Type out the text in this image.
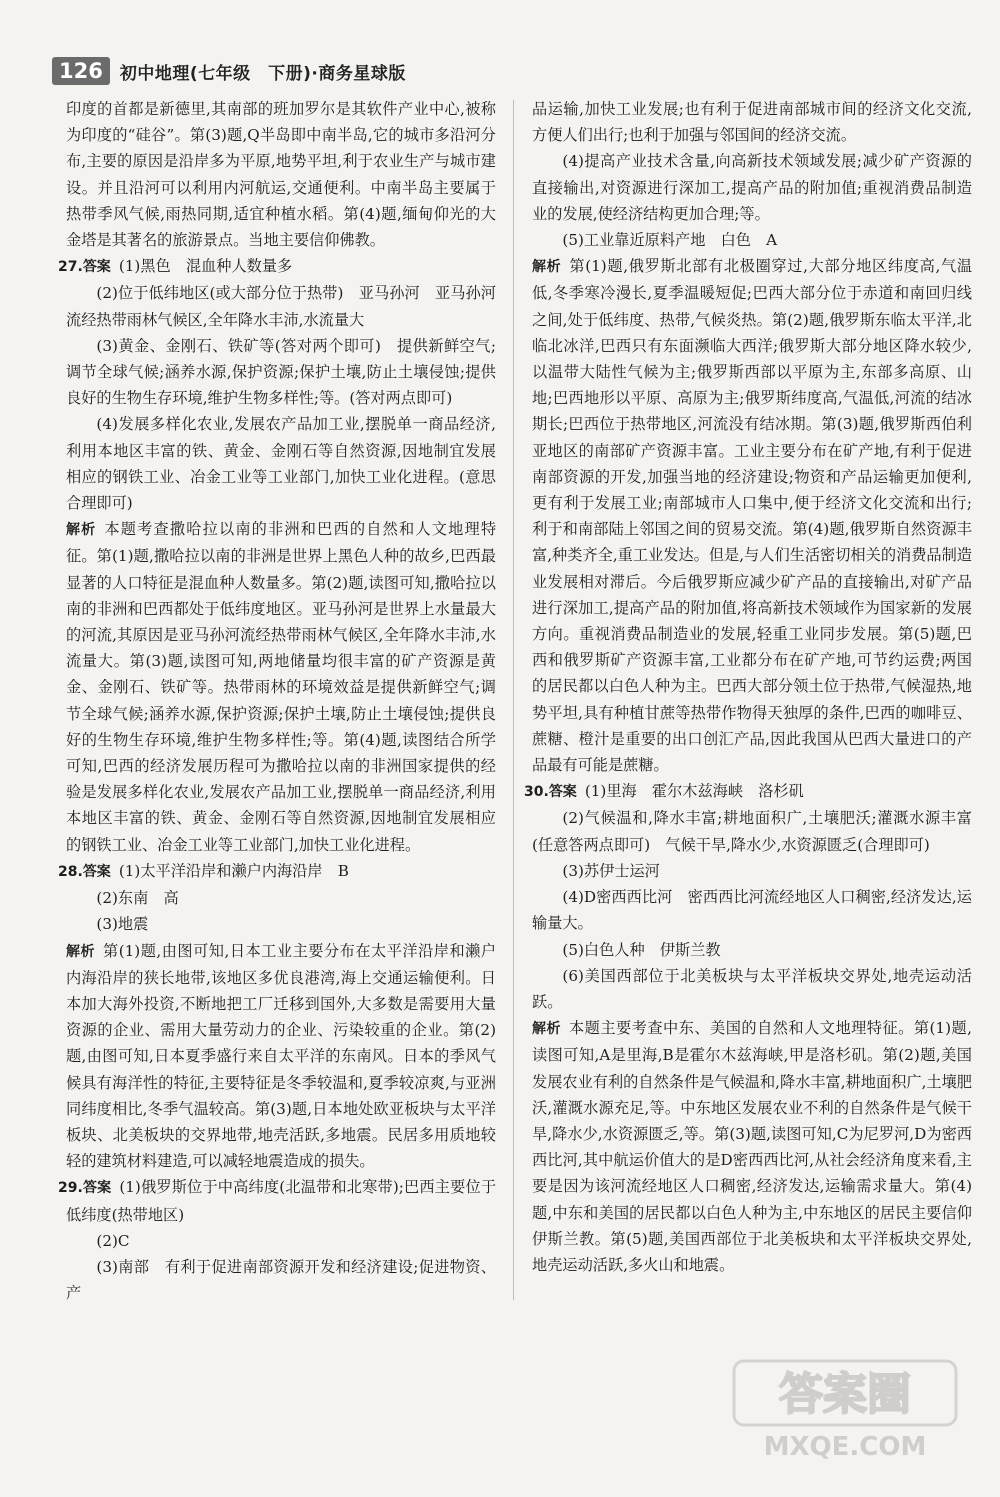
126	初中地理(七年级　下册)·商务星球版

印度的首都是新德里,其南部的班加罗尔是其软件产业中心,被称为印度的“硅谷”。第(3)题,Q半岛即中南半岛,它的城市多沿河分布,主要的原因是沿岸多为平原,地势平坦,利于农业生产与城市建设。并且沿河可以利用内河航运,交通便利。中南半岛主要属于热带季风气候,雨热同期,适宜种植水稻。第(4)题,缅甸仰光的大金塔是其著名的旅游景点。当地主要信仰佛教。

27.答案 (1)黑色　混血种人数量多

(2)位于低纬地区(或大部分位于热带)　亚马孙河　亚马孙河流经热带雨林气候区,全年降水丰沛,水流量大

(3)黄金、金刚石、铁矿等(答对两个即可)　提供新鲜空气;调节全球气候;涵养水源,保护资源;保护土壤,防止土壤侵蚀;提供良好的生物生存环境,维护生物多样性;等。(答对两点即可)

(4)发展多样化农业,发展农产品加工业,摆脱单一商品经济,利用本地区丰富的铁、黄金、金刚石等自然资源,因地制宜发展相应的钢铁工业、冶金工业等工业部门,加快工业化进程。(意思合理即可)

解析 本题考查撒哈拉以南的非洲和巴西的自然和人文地理特征。第(1)题,撒哈拉以南的非洲是世界上黑色人种的故乡,巴西最显著的人口特征是混血种人数量多。第(2)题,读图可知,撒哈拉以南的非洲和巴西都处于低纬度地区。亚马孙河是世界上水量最大的河流,其原因是亚马孙河流经热带雨林气候区,全年降水丰沛,水流量大。第(3)题,读图可知,两地储量均很丰富的矿产资源是黄金、金刚石、铁矿等。热带雨林的环境效益是提供新鲜空气;调节全球气候;涵养水源,保护资源;保护土壤,防止土壤侵蚀;提供良好的生物生存环境,维护生物多样性;等。第(4)题,读图结合所学可知,巴西的经济发展历程可为撒哈拉以南的非洲国家提供的经验是发展多样化农业,发展农产品加工业,摆脱单一商品经济,利用本地区丰富的铁、黄金、金刚石等自然资源,因地制宜发展相应的钢铁工业、冶金工业等工业部门,加快工业化进程。

28.答案 (1)太平洋沿岸和濑户内海沿岸　B

(2)东南　高

(3)地震

解析 第(1)题,由图可知,日本工业主要分布在太平洋沿岸和濑户内海沿岸的狭长地带,该地区多优良港湾,海上交通运输便利。日本加大海外投资,不断地把工厂迁移到国外,大多数是需要用大量资源的企业、需用大量劳动力的企业、污染较重的企业。第(2)题,由图可知,日本夏季盛行来自太平洋的东南风。日本的季风气候具有海洋性的特征,主要特征是冬季较温和,夏季较凉爽,与亚洲同纬度相比,冬季气温较高。第(3)题,日本地处欧亚板块与太平洋板块、北美板块的交界地带,地壳活跃,多地震。民居多用质地较轻的建筑材料建造,可以减轻地震造成的损失。

29.答案 (1)俄罗斯位于中高纬度(北温带和北寒带);巴西主要位于低纬度(热带地区)

(2)C

(3)南部　有利于促进南部资源开发和经济建设;促进物资、产

品运输,加快工业发展;也有利于促进南部城市间的经济文化交流,方便人们出行;也利于加强与邻国间的经济交流。

(4)提高产业技术含量,向高新技术领域发展;减少矿产资源的直接输出,对资源进行深加工,提高产品的附加值;重视消费品制造业的发展,使经济结构更加合理;等。

(5)工业靠近原料产地　白色　A

解析 第(1)题,俄罗斯北部有北极圈穿过,大部分地区纬度高,气温低,冬季寒冷漫长,夏季温暖短促;巴西大部分位于赤道和南回归线之间,处于低纬度、热带,气候炎热。第(2)题,俄罗斯东临太平洋,北临北冰洋,巴西只有东面濒临大西洋;俄罗斯大部分地区降水较少,以温带大陆性气候为主;俄罗斯西部以平原为主,东部多高原、山地;巴西地形以平原、高原为主;俄罗斯纬度高,气温低,河流的结冰期长;巴西位于热带地区,河流没有结冰期。第(3)题,俄罗斯西伯利亚地区的南部矿产资源丰富。工业主要分布在矿产地,有利于促进南部资源的开发,加强当地的经济建设;物资和产品运输更加便利,更有利于发展工业;南部城市人口集中,便于经济文化交流和出行;利于和南部陆上邻国之间的贸易交流。第(4)题,俄罗斯自然资源丰富,种类齐全,重工业发达。但是,与人们生活密切相关的消费品制造业发展相对滞后。今后俄罗斯应减少矿产品的直接输出,对矿产品进行深加工,提高产品的附加值,将高新技术领域作为国家新的发展方向。重视消费品制造业的发展,轻重工业同步发展。第(5)题,巴西和俄罗斯矿产资源丰富,工业都分布在矿产地,可节约运费;两国的居民都以白色人种为主。巴西大部分领土位于热带,气候湿热,地势平坦,具有种植甘蔗等热带作物得天独厚的条件,巴西的咖啡豆、蔗糖、橙汁是重要的出口创汇产品,因此我国从巴西大量进口的产品最有可能是蔗糖。

30.答案 (1)里海　霍尔木兹海峡　洛杉矶

(2)气候温和,降水丰富;耕地面积广,土壤肥沃;灌溉水源丰富(任意答两点即可)　气候干旱,降水少,水资源匮乏(合理即可)

(3)苏伊士运河

(4)D密西西比河　密西西比河流经地区人口稠密,经济发达,运输量大。

(5)白色人种　伊斯兰教

(6)美国西部位于北美板块与太平洋板块交界处,地壳运动活跃。

解析 本题主要考查中东、美国的自然和人文地理特征。第(1)题,读图可知,A是里海,B是霍尔木兹海峡,甲是洛杉矶。第(2)题,美国发展农业有利的自然条件是气候温和,降水丰富,耕地面积广,土壤肥沃,灌溉水源充足,等。中东地区发展农业不利的自然条件是气候干旱,降水少,水资源匮乏,等。第(3)题,读图可知,C为尼罗河,D为密西西比河,其中航运价值大的是D密西西比河,从社会经济角度来看,主要是因为该河流经地区人口稠密,经济发达,运输需求量大。第(4)题,中东和美国的居民都以白色人种为主,中东地区的居民主要信仰伊斯兰教。第(5)题,美国西部位于北美板块和太平洋板块交界处,地壳运动活跃,多火山和地震。

答案圈
MXQE.COM
